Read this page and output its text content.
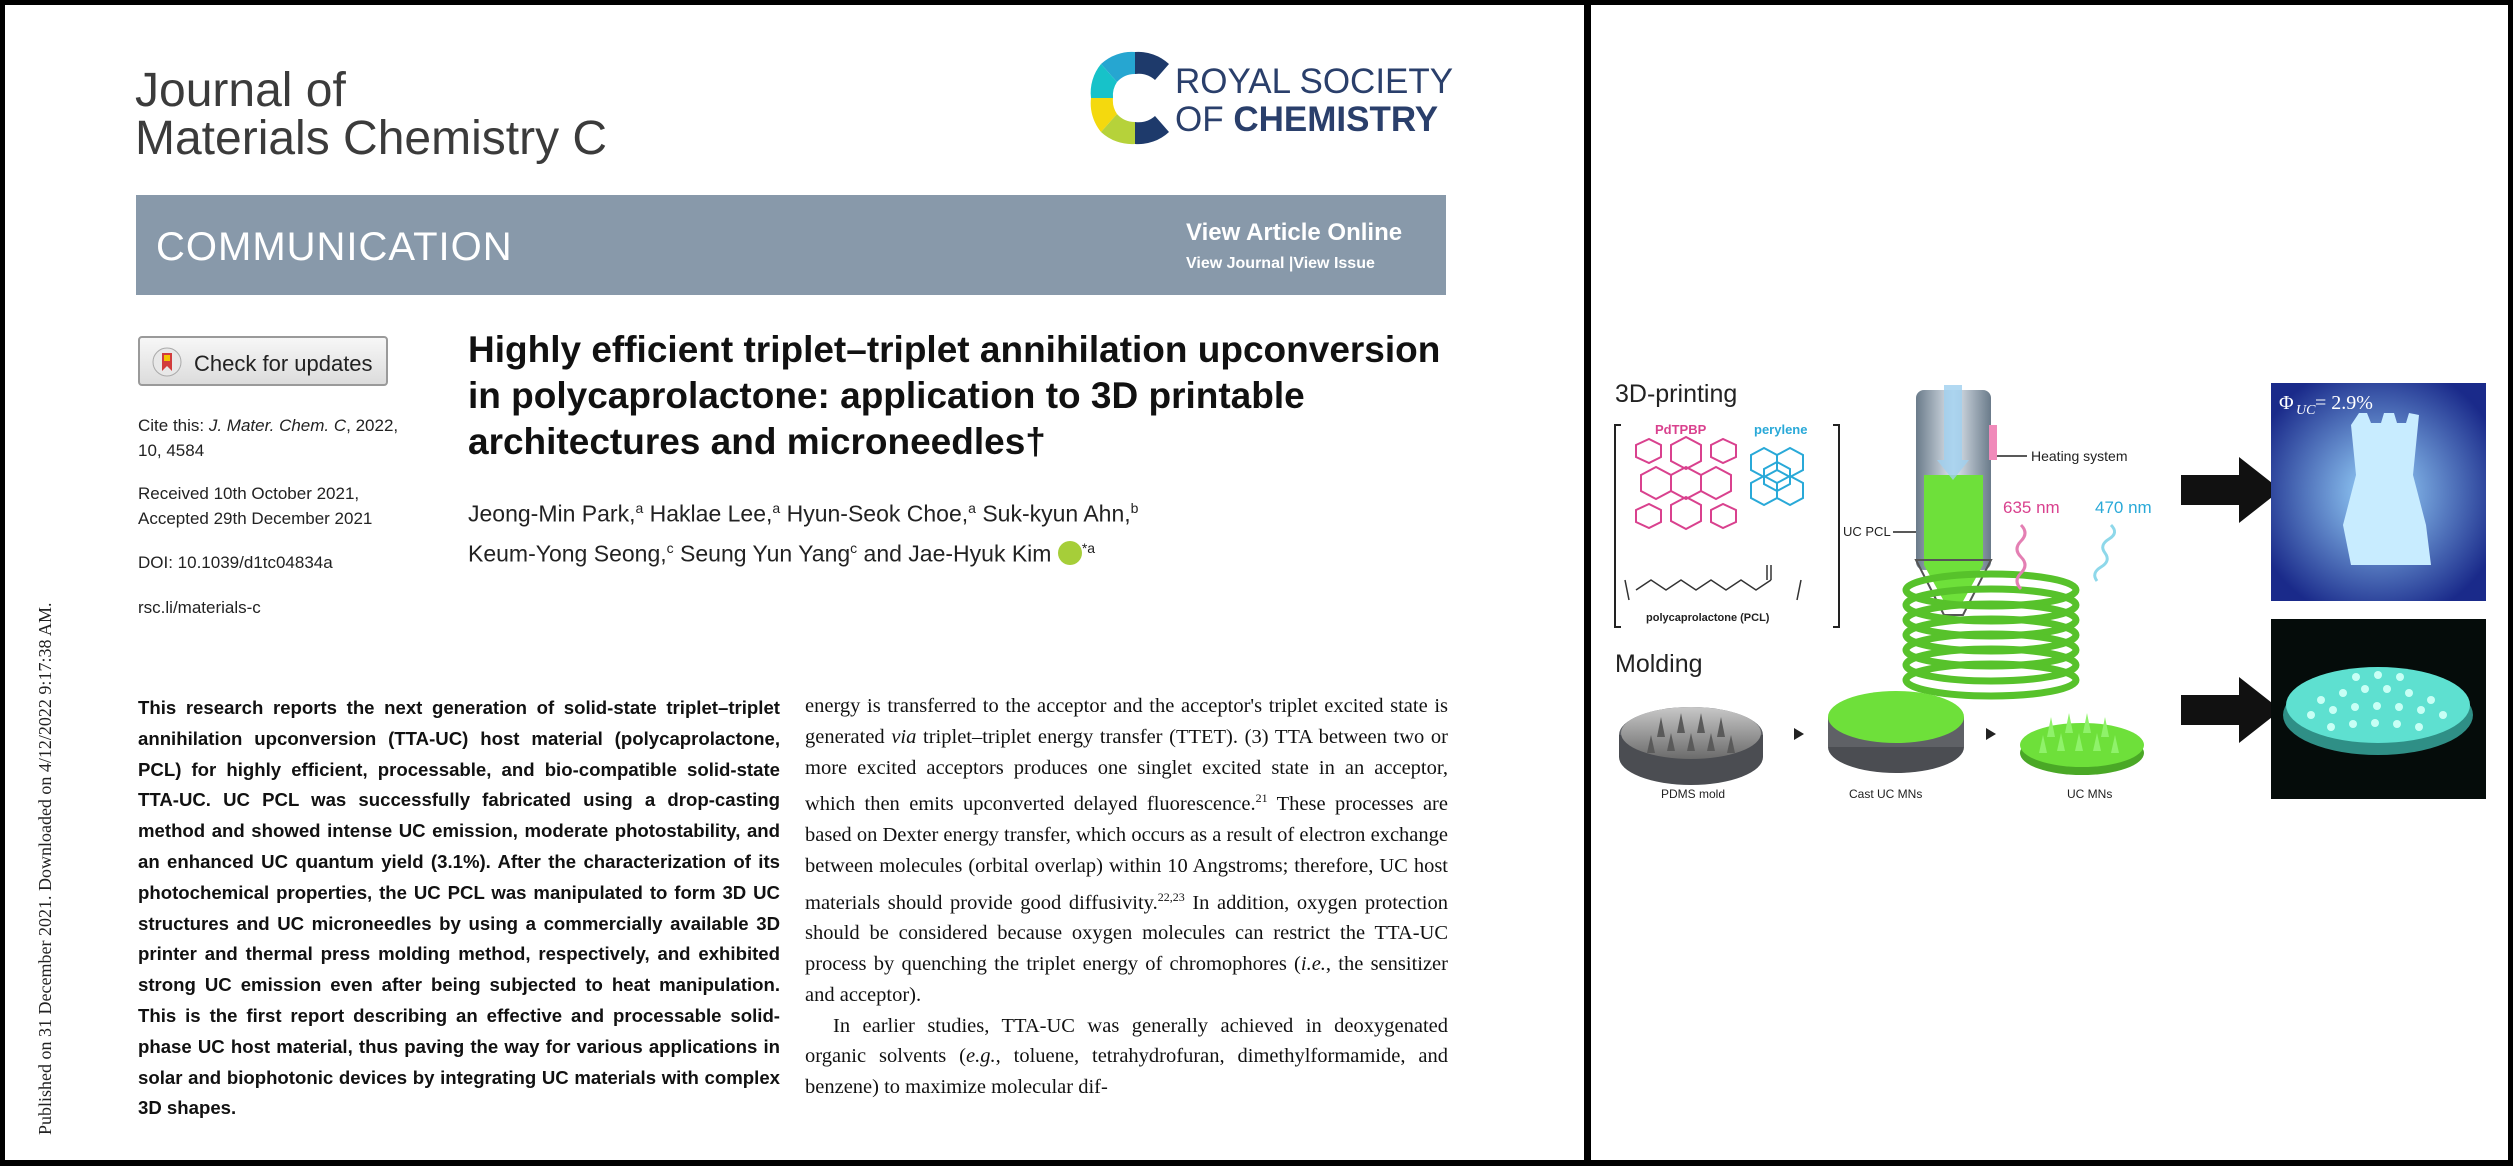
Journal of
Materials Chemistry C
ROYAL SOCIETY
OF CHEMISTRY
COMMUNICATION	View Article Online
View Journal |View Issue
Check for updates
Cite this: J. Mater. Chem. C, 2022,
10, 4584
Received 10th October 2021,
Accepted 29th December 2021
DOI: 10.1039/d1tc04834a
rsc.li/materials-c
Highly efficient triplet–triplet annihilation upconversion in polycaprolactone: application to 3D printable architectures and microneedles†
Jeong-Min Park,$^a$ Haklae Lee,$^a$ Hyun-Seok Choe,$^a$ Suk-kyun Ahn,$^b$
Keum-Yong Seong,$^c$ Seung Yun Yang$^c$ and Jae-Hyuk Kim $^{*a}$
This research reports the next generation of solid-state triplet–triplet annihilation upconversion (TTA-UC) host material (polycaprolactone, PCL) for highly efficient, processable, and bio-compatible solid-state TTA-UC. UC PCL was successfully fabricated using a drop-casting method and showed intense UC emission, moderate photostability, and an enhanced UC quantum yield (3.1%). After the characterization of its photochemical properties, the UC PCL was manipulated to form 3D UC structures and UC microneedles by using a commercially available 3D printer and thermal press molding method, respectively, and exhibited strong UC emission even after being subjected to heat manipulation. This is the first report describing an effective and processable solid-phase UC host material, thus paving the way for various applications in solar and biophotonic devices by integrating UC materials with complex 3D shapes.

energy is transferred to the acceptor and the acceptor's triplet excited state is generated via triplet–triplet energy transfer (TTET). (3) TTA between two or more excited acceptors produces one singlet excited state in an acceptor, which then emits upconverted delayed fluorescence.$^{21}$ These processes are based on Dexter energy transfer, which occurs as a result of electron exchange between molecules (orbital overlap) within 10 Angstroms; therefore, UC host materials should provide good diffusivity.$^{22,23}$ In addition, oxygen protection should be considered because oxygen molecules can restrict the TTA-UC process by quenching the triplet energy of chromophores (i.e., the sensitizer and acceptor).

In earlier studies, TTA-UC was generally achieved in deoxygenated organic solvents (e.g., toluene, tetrahydrofuran, dimethylformamide, and benzene) to maximize molecular dif-

Published on 31 December 2021. Downloaded on 4/12/2022 9:17:38 AM.
3D-printing
PdTPBP	perylene
polycaprolactone (PCL)
UC PCL
Heating system
635 nm 470 nm
Φ UC = 2.9%
Molding
PDMS mold	Cast UC MNs	UC MNs
